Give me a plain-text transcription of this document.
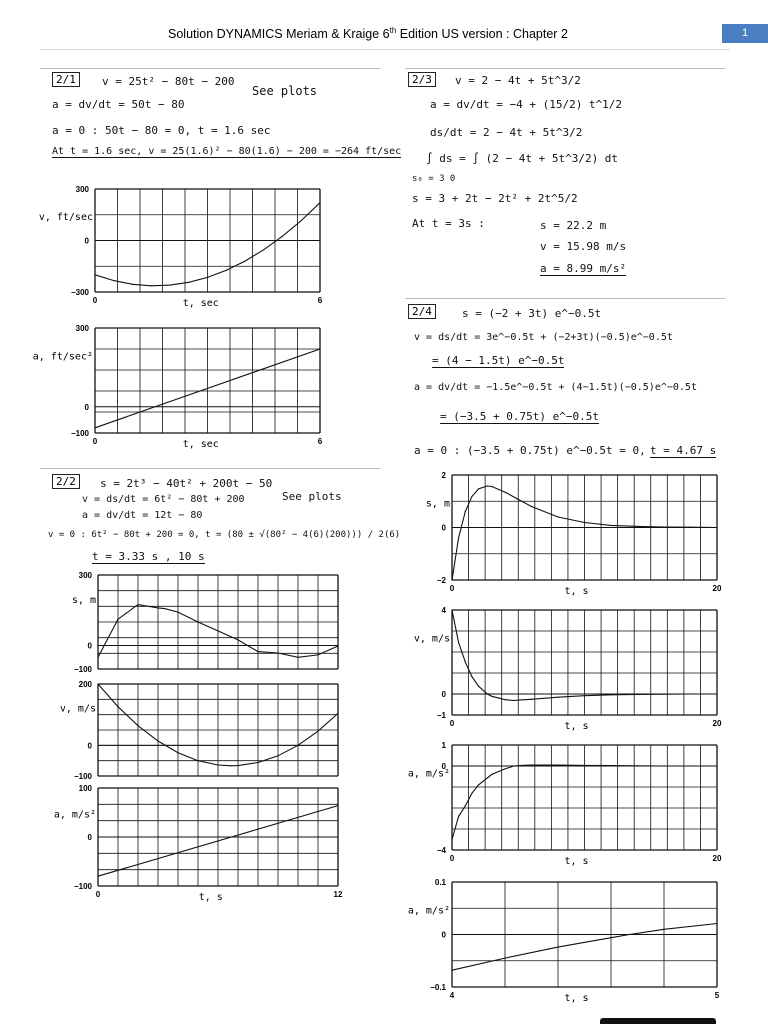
Solution DYNAMICS Meriam & Kraige 6th Edition US version : Chapter 2	1
2/1	v = 25t² − 80t − 200
a = dv/dt = 50t − 80
See plots
a = 0 : 50t − 80 = 0, t = 1.6 sec
At t = 1.6 sec, v = 25(1.6)² − 80(1.6) − 200 = −264 ft/sec
2/3	v = 2 − 4t + 5t^3/2
a = dv/dt = −4 + (15/2) t^1/2
ds/dt = 2 − 4t + 5t^3/2
∫ ds = ∫ (2 − 4t + 5t^3/2) dt
s₀ = 3 0
s = 3 + 2t − 2t² + 2t^5/2
At t = 3s :	s = 22.2 m
v = 15.98 m/s
a = 8.99 m/s²
2/4	s = (−2 + 3t) e^−0.5t
v = ds/dt = 3e^−0.5t + (−2+3t)(−0.5)e^−0.5t
= (4 − 1.5t) e^−0.5t
a = dv/dt = −1.5e^−0.5t + (4−1.5t)(−0.5)e^−0.5t
= (−3.5 + 0.75t) e^−0.5t
a = 0 : (−3.5 + 0.75t) e^−0.5t = 0, t = 4.67 s
2/2	s = 2t³ − 40t² + 200t − 50
v = ds/dt = 6t² − 80t + 200
a = dv/dt = 12t − 80
See plots
v = 0 : 6t² − 80t + 200 = 0, t = (80 ± √(80² − 4(6)(200))) / 2(6)
t = 3.33 s , 10 s
300
0
−300
0	6
v, ft/sec
t, sec
300
0
−100
0	6
a, ft/sec²
t, sec
300
0
−100
s, m
200
0
−100
v, m/s
100
0
−100
0	12
a, m/s²
t, s
2
0
−2
0	20
s, m
t, s
4
0
−1
0	20
v, m/s
t, s
1
0
−4
0	20
a, m/s²
t, s
0.1
0
−0.1
4	5
a, m/s²
t, s
